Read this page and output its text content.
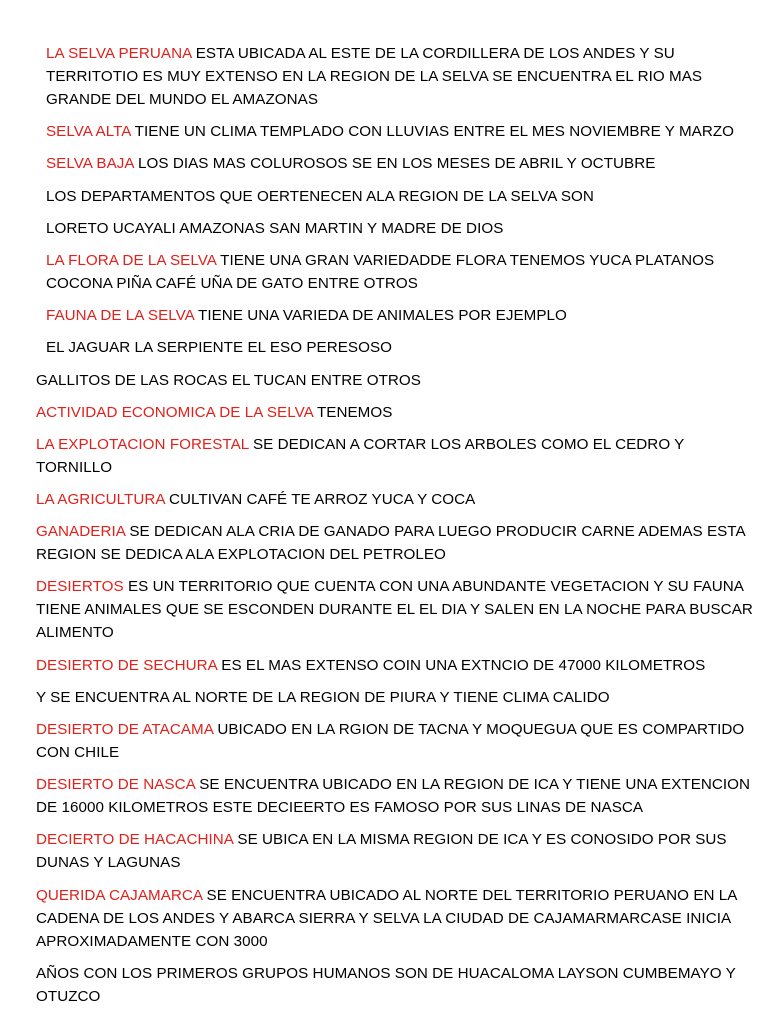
LA SELVA PERUANA ESTA UBICADA AL ESTE DE LA CORDILLERA DE LOS ANDES Y SU TERRITOTIO ES MUY EXTENSO EN LA REGION DE LA SELVA SE ENCUENTRA EL RIO MAS GRANDE DEL MUNDO EL AMAZONAS

SELVA ALTA TIENE UN CLIMA TEMPLADO CON LLUVIAS ENTRE EL MES NOVIEMBRE Y MARZO

SELVA BAJA LOS DIAS MAS COLUROSOS SE EN LOS MESES DE ABRIL Y OCTUBRE

LOS DEPARTAMENTOS QUE OERTENECEN ALA REGION DE LA SELVA SON

LORETO UCAYALI AMAZONAS SAN MARTIN Y MADRE DE DIOS

LA FLORA DE LA SELVA TIENE UNA GRAN VARIEDADDE FLORA TENEMOS YUCA PLATANOS COCONA PIÑA CAFÉ UÑA DE GATO ENTRE OTROS

FAUNA DE LA SELVA TIENE UNA VARIEDA DE ANIMALES POR EJEMPLO

EL JAGUAR LA SERPIENTE EL ESO PERESOSO

GALLITOS DE LAS ROCAS EL TUCAN ENTRE OTROS

ACTIVIDAD ECONOMICA DE LA SELVA TENEMOS

LA EXPLOTACION FORESTAL SE DEDICAN A CORTAR LOS ARBOLES COMO EL CEDRO Y TORNILLO

LA AGRICULTURA CULTIVAN CAFÉ TE ARROZ YUCA Y COCA

GANADERIA SE DEDICAN ALA CRIA DE GANADO PARA LUEGO PRODUCIR CARNE ADEMAS ESTA REGION SE DEDICA ALA EXPLOTACION DEL PETROLEO

DESIERTOS ES UN TERRITORIO QUE CUENTA CON UNA ABUNDANTE VEGETACION Y SU FAUNA TIENE ANIMALES QUE SE ESCONDEN DURANTE EL EL DIA Y SALEN EN LA NOCHE PARA BUSCAR ALIMENTO

DESIERTO DE SECHURA ES EL MAS EXTENSO COIN UNA EXTNCIO DE 47000 KILOMETROS

Y SE ENCUENTRA AL NORTE DE LA REGION DE PIURA Y TIENE CLIMA CALIDO

DESIERTO DE ATACAMA UBICADO EN LA RGION DE TACNA Y MOQUEGUA QUE ES COMPARTIDO CON CHILE

DESIERTO DE NASCA SE ENCUENTRA UBICADO EN LA REGION DE ICA Y TIENE UNA EXTENCION DE 16000 KILOMETROS ESTE DECIEERTO ES FAMOSO POR SUS LINAS DE NASCA

DECIERTO DE HACACHINA SE UBICA EN LA MISMA REGION DE ICA Y ES CONOSIDO POR SUS DUNAS Y LAGUNAS

QUERIDA CAJAMARCA SE ENCUENTRA UBICADO AL NORTE DEL TERRITORIO PERUANO EN LA CADENA DE LOS ANDES Y ABARCA SIERRA Y SELVA LA CIUDAD DE CAJAMARMARCASE INICIA APROXIMADAMENTE CON 3000

AÑOS CON LOS PRIMEROS GRUPOS HUMANOS SON DE HUACALOMA LAYSON CUMBEMAYO Y OTUZCO
